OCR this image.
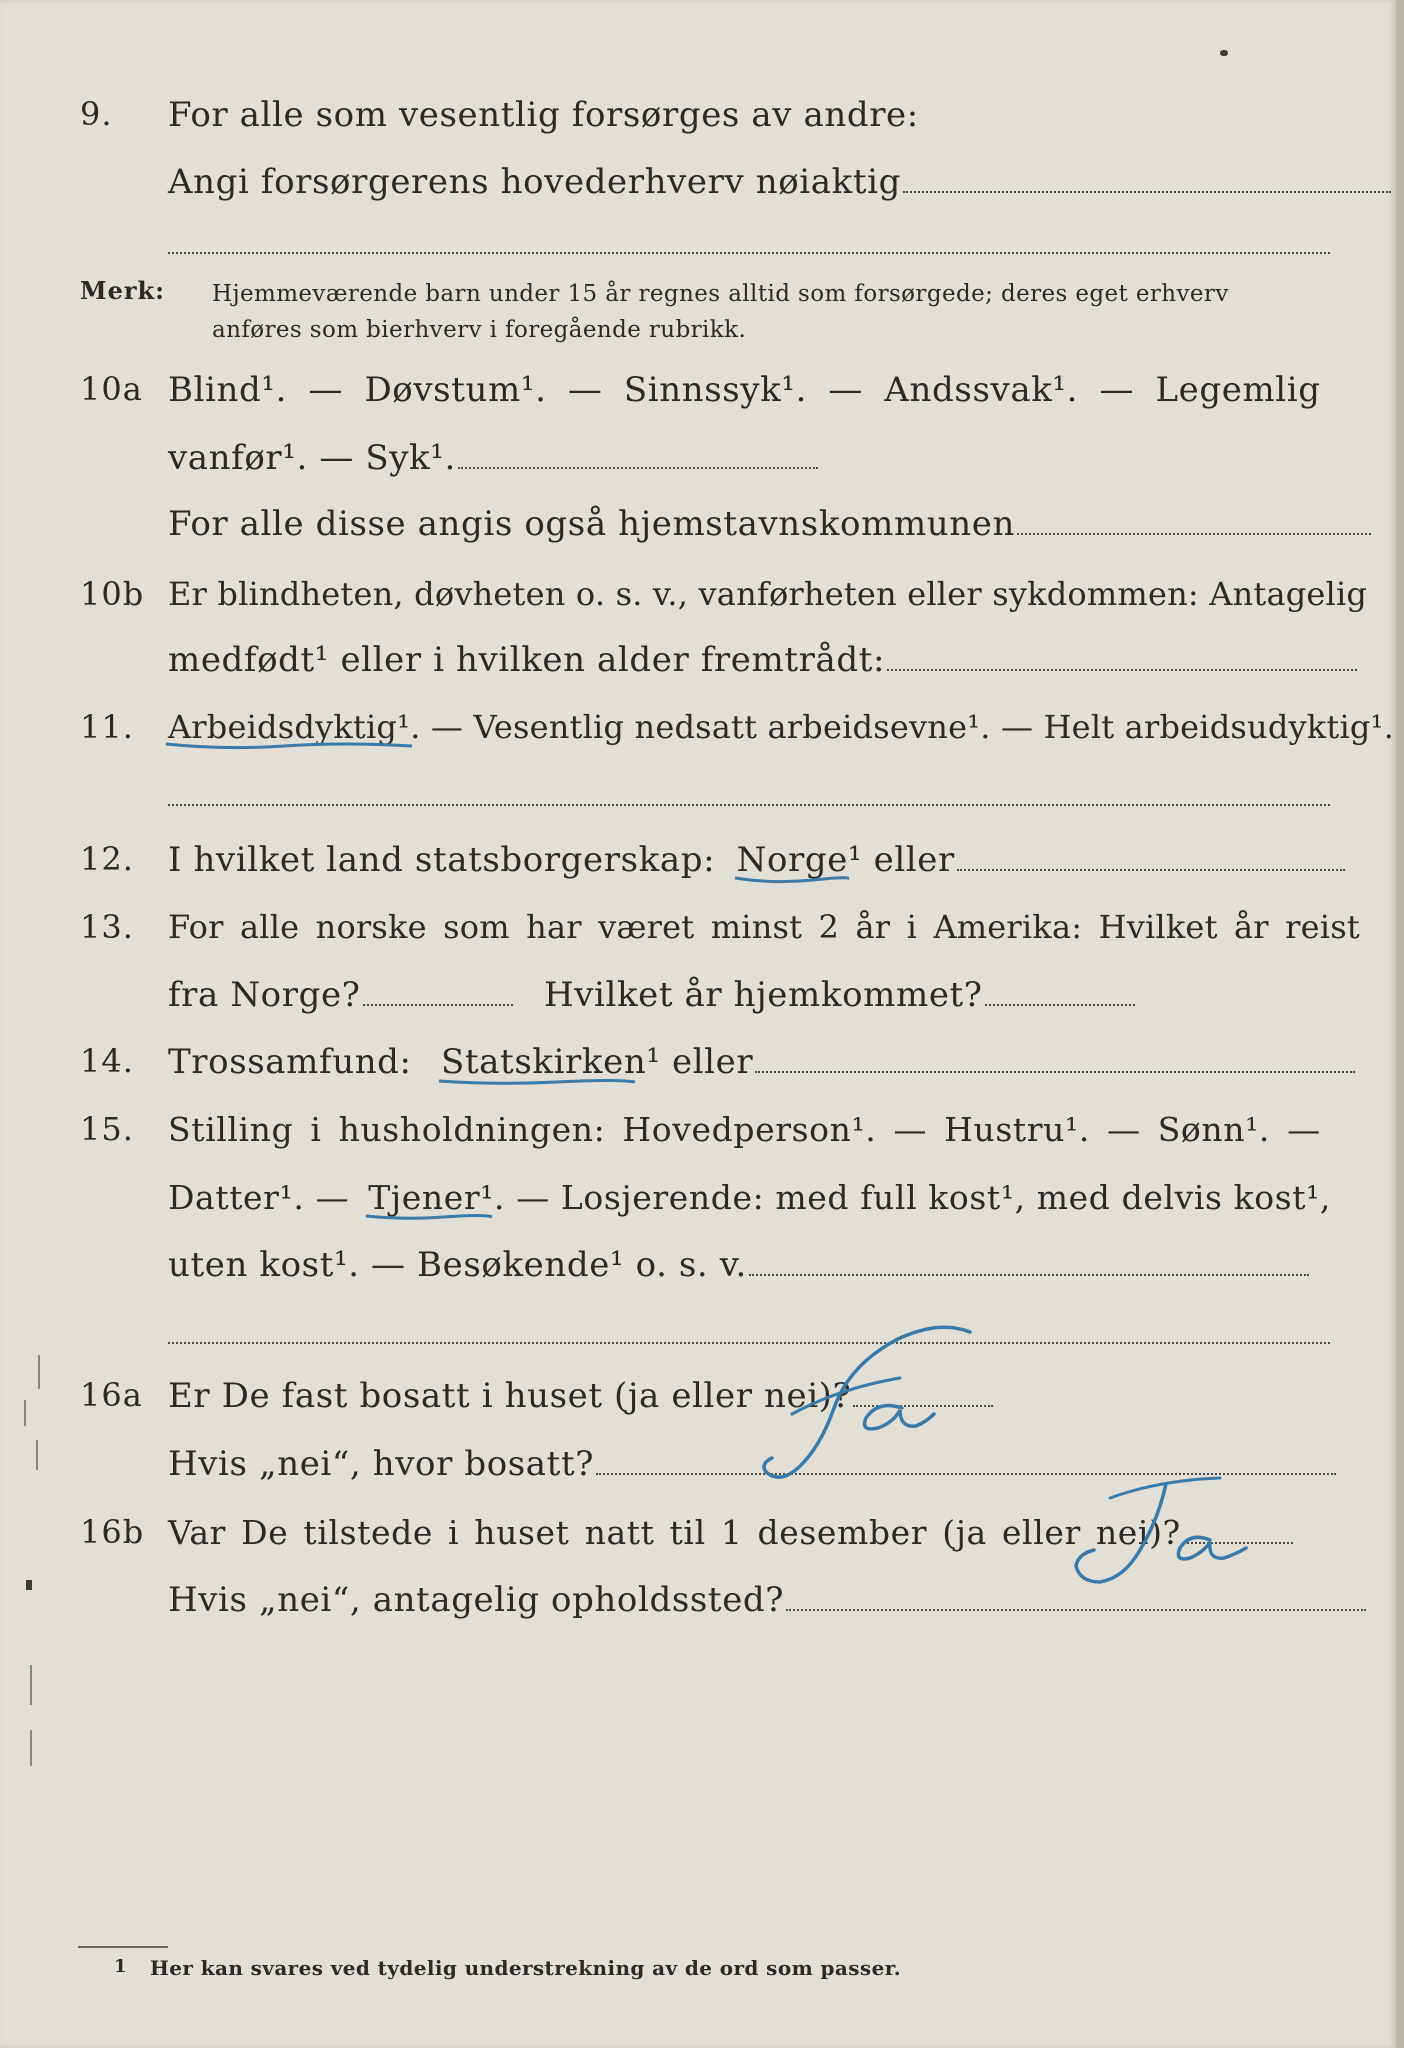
9. For alle som vesentlig forsørges av andre:
Angi forsørgerens hovederhverv nøiaktig
Merk: Hjemmeværende barn under 15 år regnes alltid som forsørgede; deres eget erhverv
anføres som bierhverv i foregående rubrikk.
10a Blind¹. — Døvstum¹. — Sinnssyk¹. — Andssvak¹. — Legemlig
vanfør¹. — Syk¹.
For alle disse angis også hjemstavnskommunen
10b Er blindheten, døvheten o. s. v., vanførheten eller sykdommen: Antagelig
medfødt¹ eller i hvilken alder fremtrådt:
11. Arbeidsdyktig¹.
— Vesentlig nedsatt arbeidsevne¹. — Helt arbeidsudyktig¹.
12. I hvilket land statsborgerskap: Norge¹ eller
13. For alle norske som har været minst 2 år i Amerika: Hvilket år reist
fra Norge?	Hvilket år hjemkommet?
14. Trossamfund: Statskirken¹ eller
15. Stilling i husholdningen: Hovedperson¹. — Hustru¹. — Sønn¹. —
Datter¹. — Tjener¹. — Losjerende: med full kost¹, med delvis kost¹,
uten kost¹. — Besøkende¹ o. s. v.
16a Er De fast bosatt i huset (ja eller nei)?
Hvis „nei“, hvor bosatt?
16b Var De tilstede i huset natt til 1 desember (ja eller nei)?
Hvis „nei“, antagelig opholdssted?
1 Her kan svares ved tydelig understrekning av de ord som passer.
